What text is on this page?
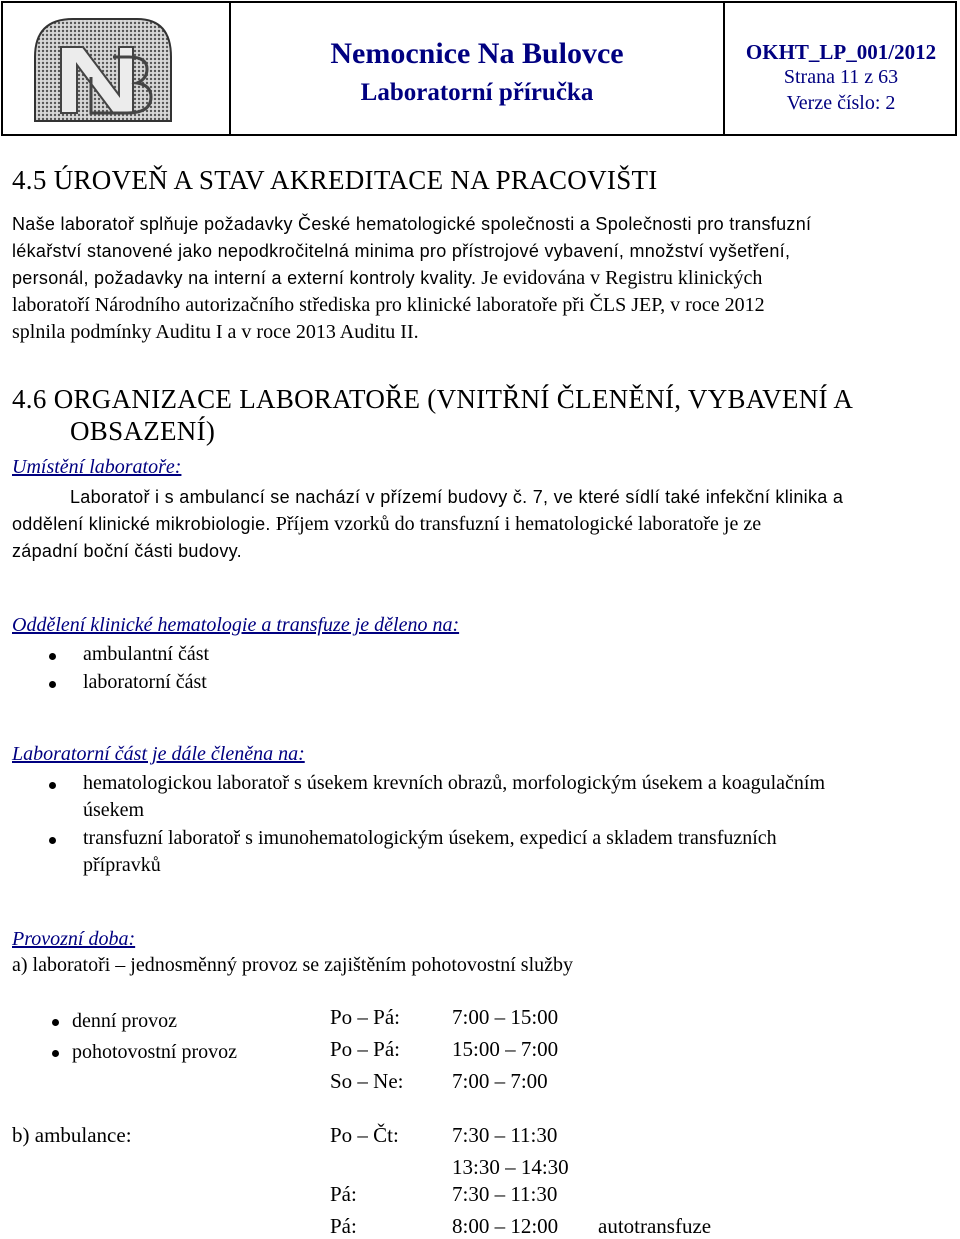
Nemocnice Na Bulovce
Laboratorní příručka
OKHT_LP_001/2012
Strana 11 z 63
Verze číslo: 2
4.5 ÚROVEŇ A STAV AKREDITACE NA PRACOVIŠTI
Naše laboratoř splňuje požadavky České hematologické společnosti a Společnosti pro transfuzní
lékařství stanovené jako nepodkročitelná minima pro přístrojové vybavení, množství vyšetření,
personál, požadavky na interní a externí kontroly kvality. Je evidována v Registru klinických
laboratoří Národního autorizačního střediska pro klinické laboratoře při ČLS JEP, v roce 2012
splnila podmínky Auditu I a v roce 2013 Auditu II.
4.6 ORGANIZACE LABORATOŘE (VNITŘNÍ ČLENĚNÍ, VYBAVENÍ A
OBSAZENÍ)
Umístění laboratoře:
Laboratoř i s ambulancí se nachází v přízemí budovy č. 7, ve které sídlí také infekční klinika a
oddělení klinické mikrobiologie. Příjem vzorků do transfuzní i hematologické laboratoře je ze
západní boční části budovy.
Oddělení klinické hematologie a transfuze je děleno na:
ambulantní část
laboratorní část
Laboratorní část je dále členěna na:
hematologickou laboratoř s úsekem krevních obrazů, morfologickým úsekem a koagulačním
úsekem
transfuzní laboratoř s imunohematologickým úsekem, expedicí a skladem transfuzních
přípravků
Provozní doba:
a) laboratoři – jednosměnný provoz se zajištěním pohotovostní služby
denní provoz
pohotovostní provoz
Po – Pá: 7:00 – 15:00
Po – Pá: 15:00 – 7:00
So – Ne: 7:00 – 7:00
b) ambulance:	Po – Čt:	7:30 – 11:30
13:30 – 14:30
Pá:	7:30 – 11:30
Pá:	8:00 – 12:00 autotransfuze
